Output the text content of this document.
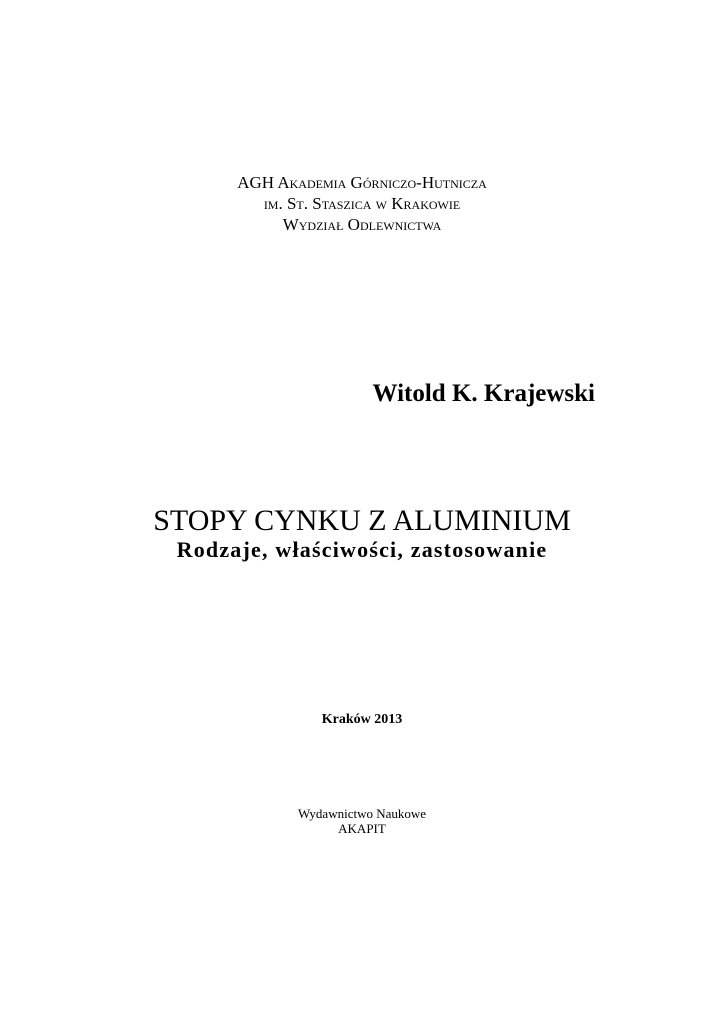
AGH Akademia Górniczo-Hutnicza
im. St. Staszica w Krakowie
Wydział Odlewnictwa
Witold K. Krajewski
STOPY CYNKU Z ALUMINIUM
Rodzaje, właściwości, zastosowanie
Kraków 2013
Wydawnictwo Naukowe
AKAPIT
